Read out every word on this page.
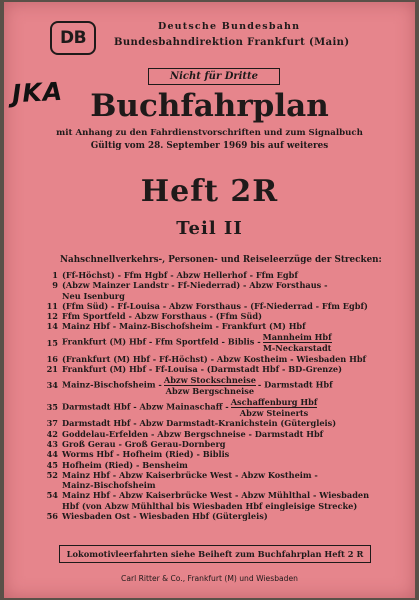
DB
Deutsche Bundesbahn
Bundesbahndirektion Frankfurt (Main)
Nicht für Dritte
JKA Buchfahrplan
mit Anhang zu den Fahrdienstvorschriften und zum Signalbuch
Gültig vom 28. September 1969 bis auf weiteres
Heft 2R
Teil II
Nahschnellverkehrs-, Personen- und Reiseleerzüge der Strecken:
1 (Ff-Höchst) - Ffm Hgbf - Abzw Hellerhof - Ffm Egbf
9 (Abzw Mainzer Landstr - Ff-Niederrad) - Abzw Forsthaus -
Neu Isenburg
11 (Ffm Süd) - Ff-Louisa - Abzw Forsthaus - (Ff-Niederrad - Ffm Egbf)
12 Ffm Sportfeld - Abzw Forsthaus - (Ffm Süd)
14 Mainz Hbf - Mainz-Bischofsheim - Frankfurt (M) Hbf
15 Frankfurt (M) Hbf - Ffm Sportfeld - Biblis - Mannheim Hbf
M-Neckarstadt
16 (Frankfurt (M) Hbf - Ff-Höchst) - Abzw Kostheim - Wiesbaden Hbf
21 Frankfurt (M) Hbf - Ff-Louisa - (Darmstadt Hbf - BD-Grenze)
34 Mainz-Bischofsheim - Abzw Stockschneise
Abzw Bergschneise
- Darmstadt Hbf
35 Darmstadt Hbf - Abzw Mainaschaff - Aschaffenburg Hbf
Abzw Steinerts
37 Darmstadt Hbf - Abzw Darmstadt-Kranichstein (Gütergleis)
42 Goddelau-Erfelden - Abzw Bergschneise - Darmstadt Hbf
43 Groß Gerau - Groß Gerau-Dornberg
44 Worms Hbf - Hofheim (Ried) - Biblis
45 Hofheim (Ried) - Bensheim
52 Mainz Hbf - Abzw Kaiserbrücke West - Abzw Kostheim -
Mainz-Bischofsheim
54 Mainz Hbf - Abzw Kaiserbrücke West - Abzw Mühlthal - Wiesbaden
Hbf (von Abzw Mühlthal bis Wiesbaden Hbf eingleisige Strecke)
56 Wiesbaden Ost - Wiesbaden Hbf (Gütergleis)
Lokomotivleerfahrten siehe Beiheft zum Buchfahrplan Heft 2 R
Carl Ritter & Co., Frankfurt (M) und Wiesbaden
